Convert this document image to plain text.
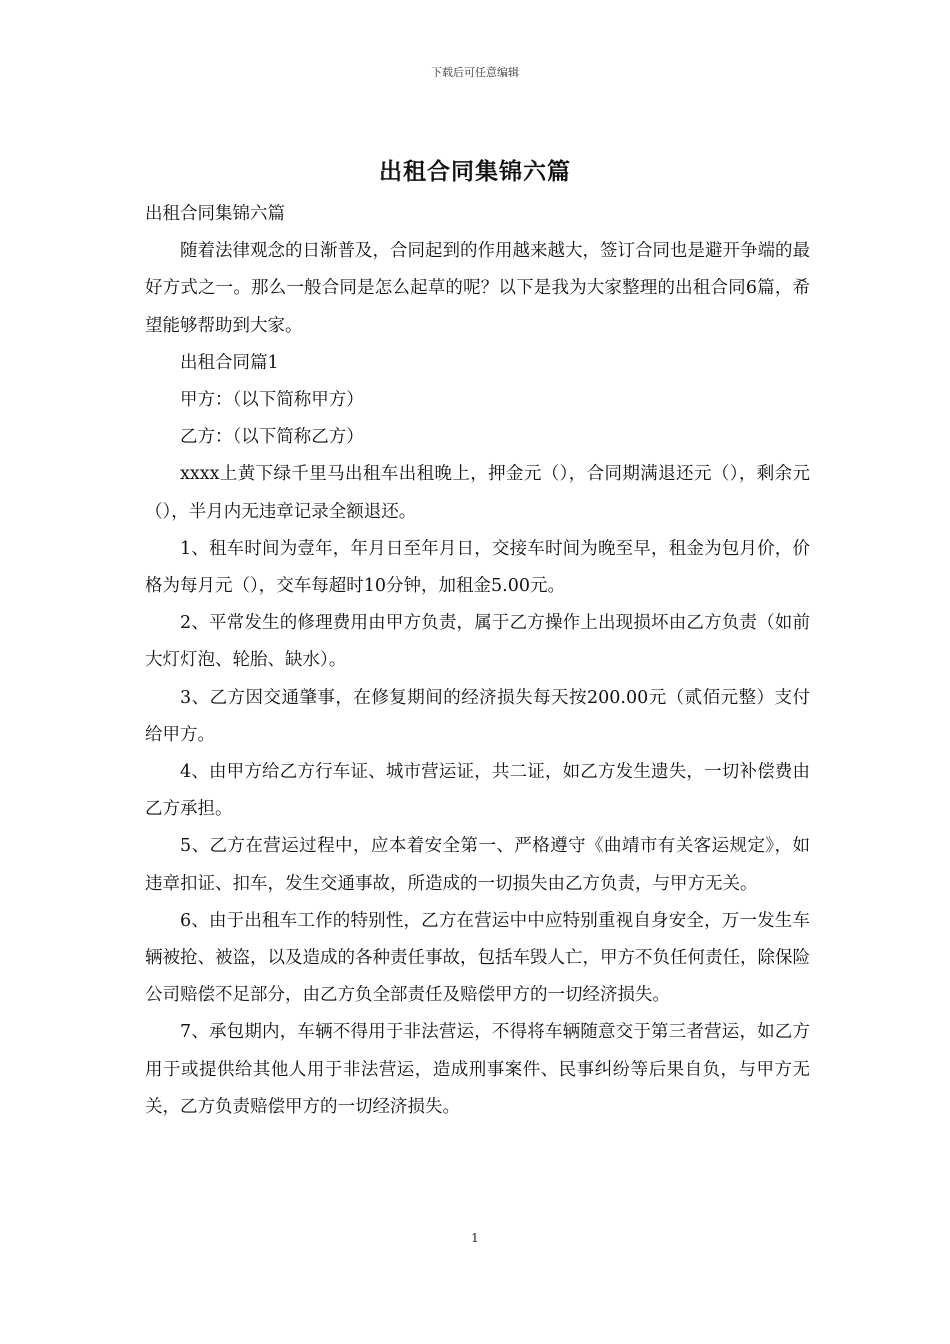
下载后可任意编辑
出租合同集锦六篇

出租合同集锦六篇

随着法律观念的日渐普及，合同起到的作用越来越大，签订合同也是避开争端的最好方式之一。那么一般合同是怎么起草的呢？以下是我为大家整理的出租合同6篇，希望能够帮助到大家。

出租合同篇1

甲方：（以下简称甲方）

乙方：（以下简称乙方）

xxxx上黄下绿千里马出租车出租晚上，押金元（），合同期满退还元（），剩余元（），半月内无违章记录全额退还。

1、租车时间为壹年，年月日至年月日，交接车时间为晚至早，租金为包月价，价格为每月元（），交车每超时10分钟，加租金5.00元。

2、平常发生的修理费用由甲方负责，属于乙方操作上出现损坏由乙方负责（如前大灯灯泡、轮胎、缺水）。

3、乙方因交通肇事，在修复期间的经济损失每天按200.00元（贰佰元整）支付给甲方。

4、由甲方给乙方行车证、城市营运证，共二证，如乙方发生遗失，一切补偿费由乙方承担。

5、乙方在营运过程中，应本着安全第一、严格遵守《曲靖市有关客运规定》，如违章扣证、扣车，发生交通事故，所造成的一切损失由乙方负责，与甲方无关。

6、由于出租车工作的特别性，乙方在营运中中应特别重视自身安全，万一发生车辆被抢、被盗，以及造成的各种责任事故，包括车毁人亡，甲方不负任何责任，除保险公司赔偿不足部分，由乙方负全部责任及赔偿甲方的一切经济损失。

7、承包期内，车辆不得用于非法营运，不得将车辆随意交于第三者营运，如乙方用于或提供给其他人用于非法营运，造成刑事案件、民事纠纷等后果自负，与甲方无关，乙方负责赔偿甲方的一切经济损失。

1
